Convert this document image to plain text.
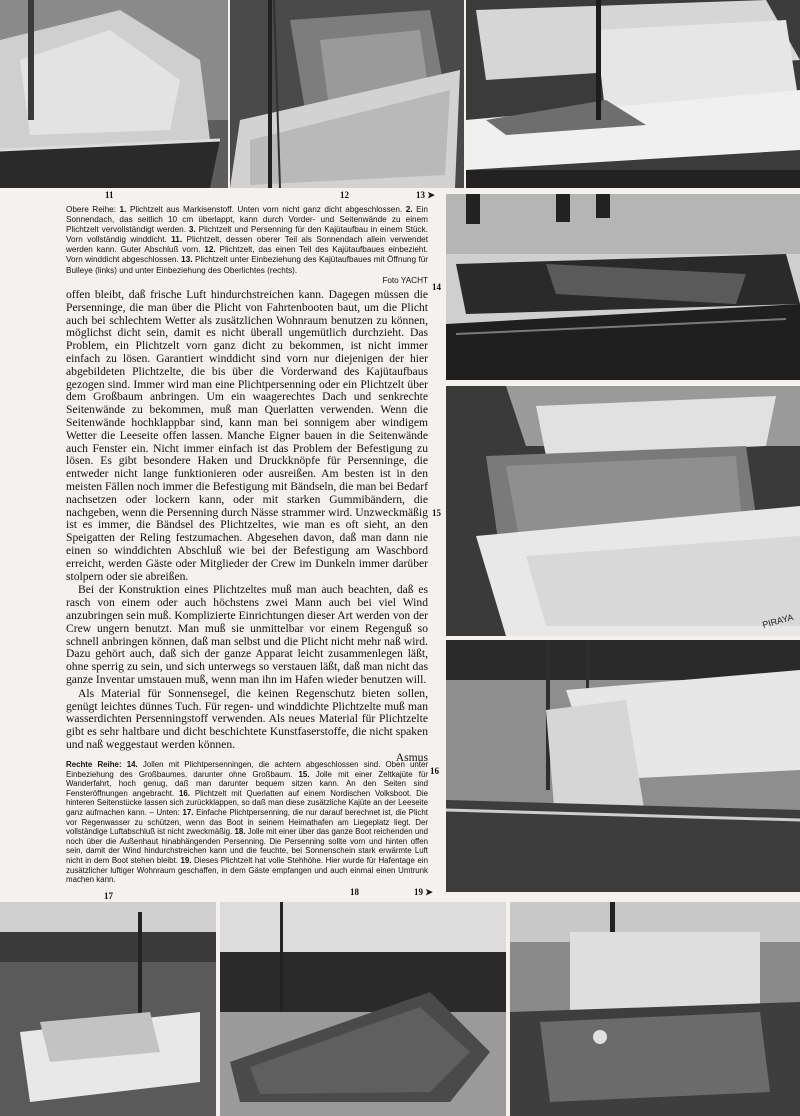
11	12	13 ➤
Obere Reihe: 1. Plichtzelt aus Markisenstoff. Unten vorn nicht ganz dicht abgeschlossen. 2. Ein Sonnendach, das seitlich 10 cm überlappt, kann durch Vorder- und Seitenwände zu einem Plichtzelt vervollständigt werden. 3. Plichtzelt und Persenning für den Kajütaufbau in einem Stück. Vorn vollständig winddicht. 11. Plichtzelt, dessen oberer Teil als Sonnendach allein verwendet werden kann. Guter Abschluß vorn. 12. Plichtzelt, das einen Teil des Kajütaufbaues einbezieht. Vorn winddicht abgeschlossen. 13. Plichtzelt unter Einbeziehung des Kajütaufbaues mit Öffnung für Bulleye (links) und unter Einbeziehung des Oberlichtes (rechts).
Foto YACHT
14
PIRAYA
15
16

offen bleibt, daß frische Luft hindurchstreichen kann. Dagegen müssen die Persenninge, die man über die Plicht von Fahrtenbooten baut, um die Plicht auch bei schlechtem Wetter als zusätzlichen Wohnraum benutzen zu können, möglichst dicht sein, damit es nicht überall ungemütlich durchzieht. Das Problem, ein Plichtzelt vorn ganz dicht zu bekommen, ist nicht immer einfach zu lösen. Garantiert winddicht sind vorn nur diejenigen der hier abgebildeten Plichtzelte, die bis über die Vorderwand des Kajütaufbaus gezogen sind. Immer wird man eine Plichtpersenning oder ein Plichtzelt über dem Großbaum anbringen. Um ein waagerechtes Dach und senkrechte Seitenwände zu bekommen, muß man Querlatten verwenden. Wenn die Seitenwände hochklappbar sind, kann man bei sonnigem aber windigem Wetter die Leeseite offen lassen. Manche Eigner bauen in die Seitenwände auch Fenster ein. Nicht immer einfach ist das Problem der Befestigung zu lösen. Es gibt besondere Haken und Druckknöpfe für Persenninge, die entweder nicht lange funktionieren oder ausreißen. Am besten ist in den meisten Fällen noch immer die Befestigung mit Bändseln, die man bei Bedarf nachsetzen oder lockern kann, oder mit starken Gummibändern, die nachgeben, wenn die Persenning durch Nässe strammer wird. Unzweckmäßig ist es immer, die Bändsel des Plichtzeltes, wie man es oft sieht, an den Speigatten der Reling festzumachen. Abgesehen davon, daß man dann nie einen so winddichten Abschluß wie bei der Befestigung am Waschbord erreicht, werden Gäste oder Mitglieder der Crew im Dunkeln immer darüber stolpern oder sie abreißen.

Bei der Konstruktion eines Plichtzeltes muß man auch beachten, daß es rasch von einem oder auch höchstens zwei Mann auch bei viel Wind anzubringen sein muß. Komplizierte Einrichtungen dieser Art werden von der Crew ungern benutzt. Man muß sie unmittelbar vor einem Regenguß so schnell anbringen können, daß man selbst und die Plicht nicht mehr naß wird. Dazu gehört auch, daß sich der ganze Apparat leicht zusammenlegen läßt, ohne sperrig zu sein, und sich unterwegs so verstauen läßt, daß man nicht das ganze Inventar umstauen muß, wenn man ihn im Hafen wieder benutzen will.

Als Material für Sonnensegel, die keinen Regenschutz bieten sollen, genügt leichtes dünnes Tuch. Für regen- und winddichte Plichtzelte muß man wasserdichten Persenningstoff verwenden. Als neues Material für Plichtzelte gibt es sehr haltbare und dicht beschichtete Kunstfaserstoffe, die nicht spaken und naß weggestaut werden können.

Asmus
Rechte Reihe: 14. Jollen mit Plichtpersenningen, die achtern abgeschlossen sind. Oben unter Einbeziehung des Großbaumes, darunter ohne Großbaum. 15. Jolle mit einer Zeltkajüte für Wanderfahrt, hoch genug, daß man darunter bequem sitzen kann. An den Seiten sind Fensteröffnungen angebracht. 16. Plichtzelt mit Querlatten auf einem Nordischen Volksboot. Die hinteren Seitenstücke lassen sich zurückklappen, so daß man diese zusätzliche Kajüte an der Leeseite ganz aufmachen kann. – Unten: 17. Einfache Plichtpersenning, die nur darauf berechnet ist, die Plicht vor Regenwasser zu schützen, wenn das Boot in seinem Heimathafen am Liegeplatz liegt. Der vollständige Luftabschluß ist nicht zweckmäßig. 18. Jolle mit einer über das ganze Boot reichenden und noch über die Außenhaut hinabhängenden Persenning. Die Persenning sollte vorn und hinten offen sein, damit der Wind hindurchstreichen kann und die feuchte, bei Sonnenschein stark erwärmte Luft nicht in dem Boot stehen bleibt. 19. Dieses Plichtzelt hat volle Stehhöhe. Hier wurde für Hafentage ein zusätzlicher luftiger Wohnraum geschaffen, in dem Gäste empfangen und auch einmal einen Umtrunk machen kann.
17	18	19 ➤
